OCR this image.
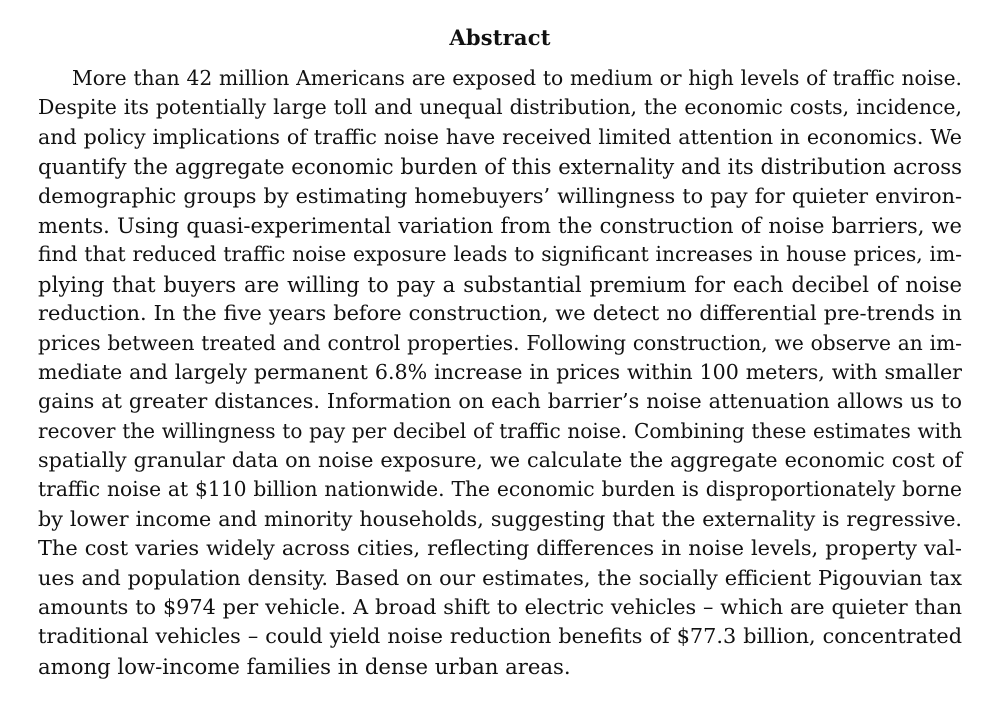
Abstract
More than 42 million Americans are exposed to medium or high levels of traffic noise.
Despite its potentially large toll and unequal distribution, the economic costs, incidence,
and policy implications of traffic noise have received limited attention in economics. We
quantify the aggregate economic burden of this externality and its distribution across
demographic groups by estimating homebuyers’ willingness to pay for quieter environ-
ments. Using quasi-experimental variation from the construction of noise barriers, we
find that reduced traffic noise exposure leads to significant increases in house prices, im-
plying that buyers are willing to pay a substantial premium for each decibel of noise
reduction. In the five years before construction, we detect no differential pre-trends in
prices between treated and control properties. Following construction, we observe an im-
mediate and largely permanent 6.8% increase in prices within 100 meters, with smaller
gains at greater distances. Information on each barrier’s noise attenuation allows us to
recover the willingness to pay per decibel of traffic noise. Combining these estimates with
spatially granular data on noise exposure, we calculate the aggregate economic cost of
traffic noise at $110 billion nationwide. The economic burden is disproportionately borne
by lower income and minority households, suggesting that the externality is regressive.
The cost varies widely across cities, reflecting differences in noise levels, property val-
ues and population density. Based on our estimates, the socially efficient Pigouvian tax
amounts to $974 per vehicle. A broad shift to electric vehicles – which are quieter than
traditional vehicles – could yield noise reduction benefits of $77.3 billion, concentrated
among low-income families in dense urban areas.
